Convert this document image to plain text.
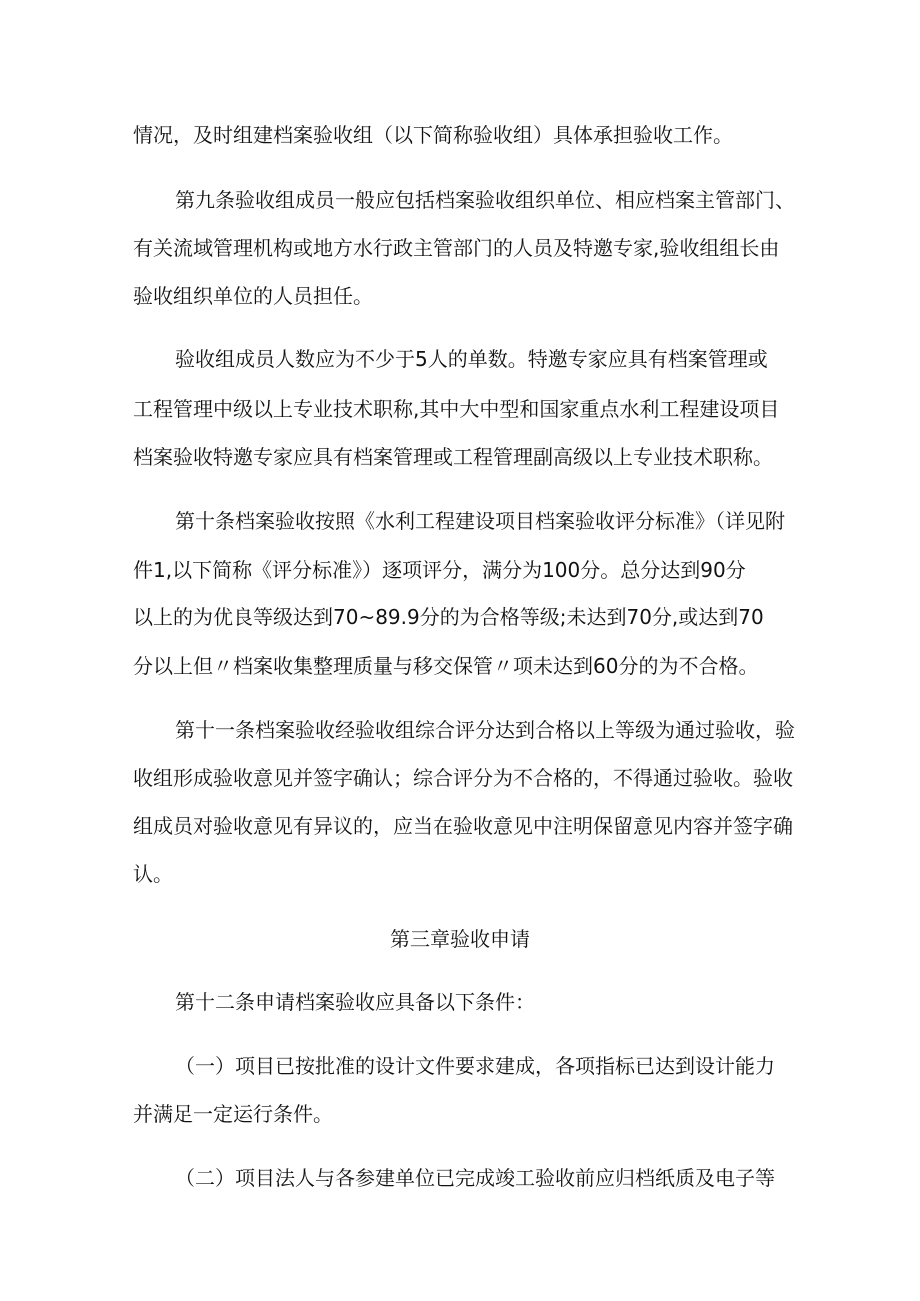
情况，及时组建档案验收组（以下简称验收组）具体承担验收工作。
第九条验收组成员一般应包括档案验收组织单位、相应档案主管部门、
有关流域管理机构或地方水行政主管部门的人员及特邀专家,验收组组长由
验收组织单位的人员担任。
验收组成员人数应为不少于5人的单数。特邀专家应具有档案管理或
工程管理中级以上专业技术职称,其中大中型和国家重点水利工程建设项目
档案验收特邀专家应具有档案管理或工程管理副高级以上专业技术职称。
第十条档案验收按照《水利工程建设项目档案验收评分标准》（详见附
件1,以下简称《评分标准》）逐项评分，满分为100分。总分达到90分
以上的为优良等级达到70~89.9分的为合格等级;未达到70分,或达到70
分以上但〃档案收集整理质量与移交保管〃项未达到60分的为不合格。
第十一条档案验收经验收组综合评分达到合格以上等级为通过验收，验
收组形成验收意见并签字确认；综合评分为不合格的，不得通过验收。验收
组成员对验收意见有异议的，应当在验收意见中注明保留意见内容并签字确
认。
第三章验收申请
第十二条申请档案验收应具备以下条件：
（一）项目已按批准的设计文件要求建成，各项指标已达到设计能力
并满足一定运行条件。
（二）项目法人与各参建单位已完成竣工验收前应归档纸质及电子等
